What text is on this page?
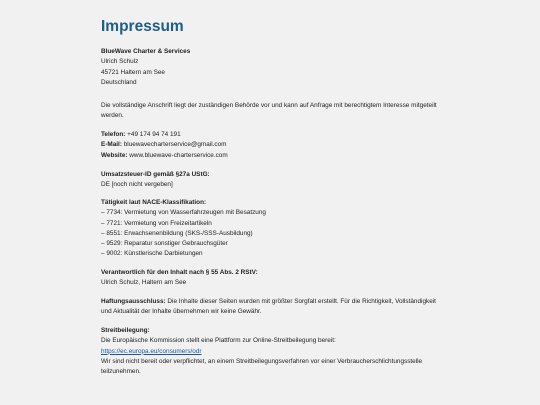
Impressum
BlueWave Charter & Services
Ulrich Schulz
45721 Haltern am See
Deutschland
Die vollständige Anschrift liegt der zuständigen Behörde vor und kann auf Anfrage mit berechtigtem Interesse mitgeteilt werden.
Telefon: +49 174 94 74 191
E-Mail: bluewavecharterservice@gmail.com
Website: www.bluewave-charterservice.com
Umsatzsteuer-ID gemäß §27a UStG:
DE [noch nicht vergeben]
Tätigkeit laut NACE-Klassifikation:
– 7734: Vermietung von Wasserfahrzeugen mit Besatzung
– 7721: Vermietung von Freizeitartikeln
– 8551: Erwachsenenbildung (SKS-/SSS-Ausbildung)
– 9529: Reparatur sonstiger Gebrauchsgüter
– 9002: Künstlerische Darbietungen
Verantwortlich für den Inhalt nach § 55 Abs. 2 RStV:
Ulrich Schulz, Haltern am See
Haftungsausschluss: Die Inhalte dieser Seiten wurden mit größter Sorgfalt erstellt. Für die Richtigkeit, Vollständigkeit und Aktualität der Inhalte übernehmen wir keine Gewähr.
Streitbeilegung:
Die Europäische Kommission stellt eine Plattform zur Online-Streitbeilegung bereit:
https://ec.europa.eu/consumers/odr
Wir sind nicht bereit oder verpflichtet, an einem Streitbeilegungsverfahren vor einer Verbraucherschlichtungsstelle teilzunehmen.
